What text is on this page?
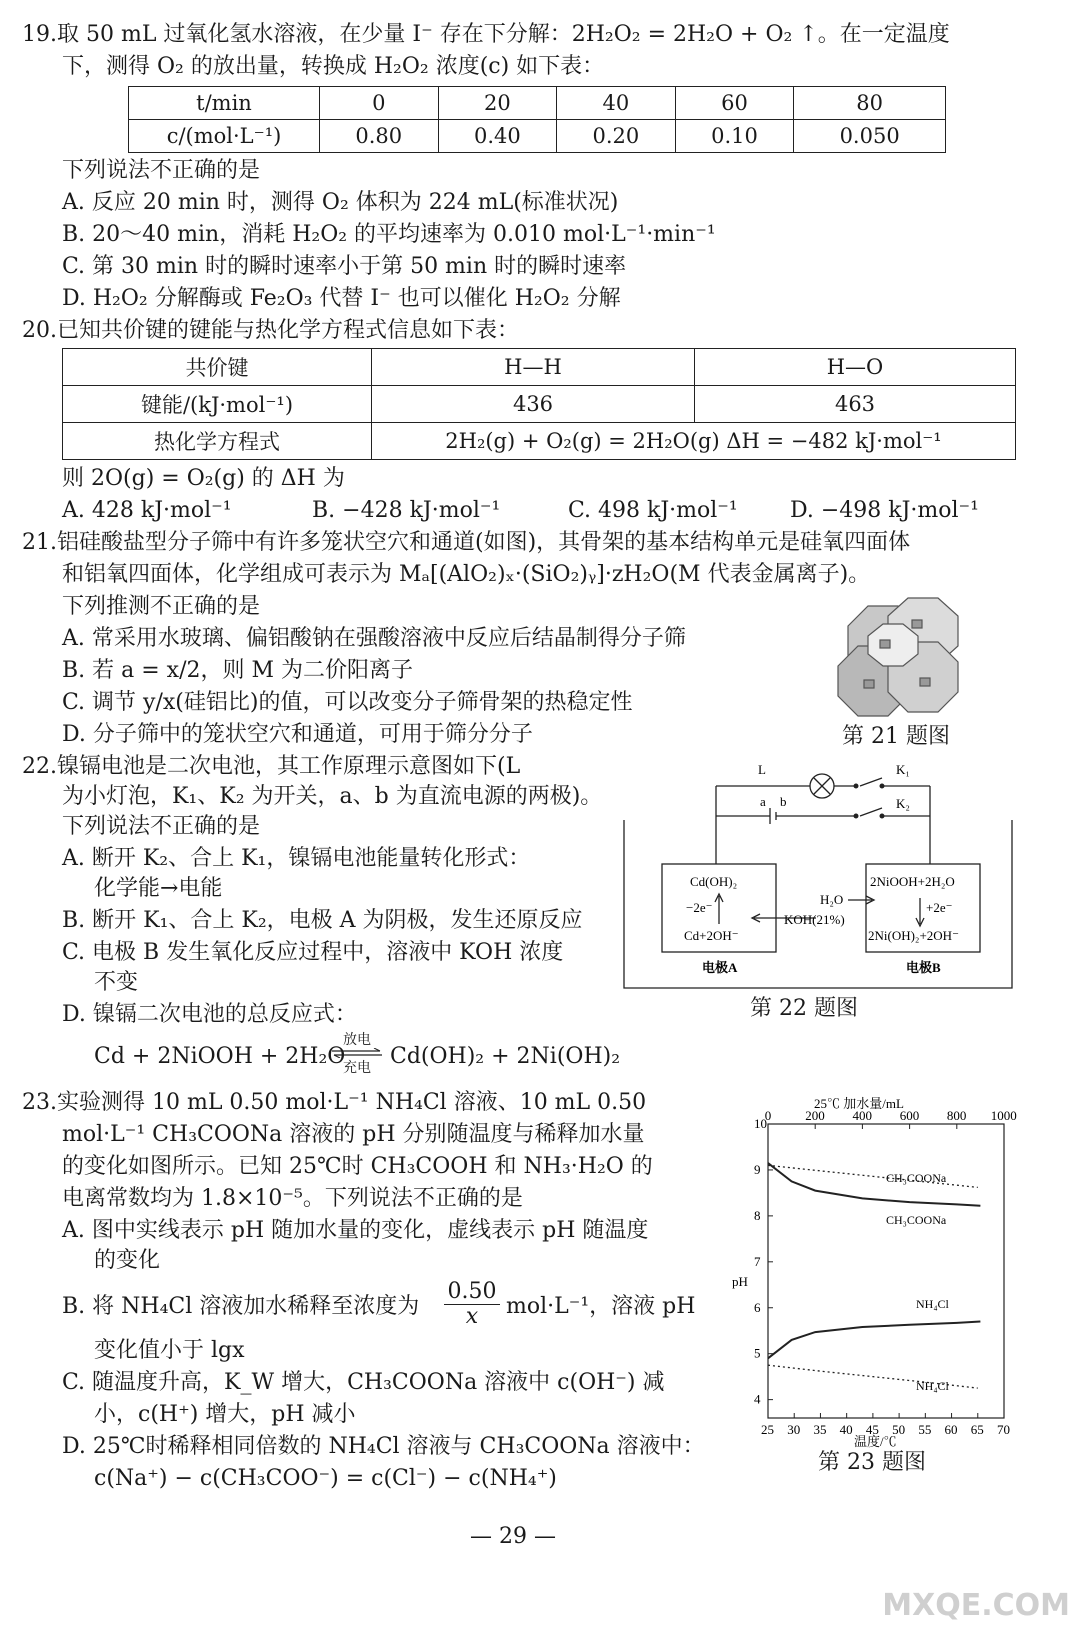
19.取 50 mL 过氧化氢水溶液，在少量 I⁻ 存在下分解：2H₂O₂ = 2H₂O + O₂ ↑。在一定温度
下，测得 O₂ 的放出量，转换成 H₂O₂ 浓度(c) 如下表：
t/min	0	20	40	60	80
c/(mol·L⁻¹)	0.80	0.40	0.20	0.10	0.050
下列说法不正确的是
A. 反应 20 min 时，测得 O₂ 体积为 224 mL(标准状况)
B. 20～40 min，消耗 H₂O₂ 的平均速率为 0.010 mol·L⁻¹·min⁻¹
C. 第 30 min 时的瞬时速率小于第 50 min 时的瞬时速率
D. H₂O₂ 分解酶或 Fe₂O₃ 代替 I⁻ 也可以催化 H₂O₂ 分解
20.已知共价键的键能与热化学方程式信息如下表：
共价键	H—H	H—O
键能/(kJ·mol⁻¹)	436	463
热化学方程式	2H₂(g) + O₂(g) = 2H₂O(g) ΔH = −482 kJ·mol⁻¹	
则 2O(g) = O₂(g) 的 ΔH 为
A. 428 kJ·mol⁻¹	B. −428 kJ·mol⁻¹	C. 498 kJ·mol⁻¹ D. −498 kJ·mol⁻¹
21.铝硅酸盐型分子筛中有许多笼状空穴和通道(如图)，其骨架的基本结构单元是硅氧四面体
和铝氧四面体，化学组成可表示为 Mₐ[(AlO₂)ₓ·(SiO₂)ᵧ]·zH₂O(M 代表金属离子)。
下列推测不正确的是
A. 常采用水玻璃、偏铝酸钠在强酸溶液中反应后结晶制得分子筛
B. 若 a = x/2，则 M 为二价阳离子
C. 调节 y/x(硅铝比)的值，可以改变分子筛骨架的热稳定性
D. 分子筛中的笼状空穴和通道，可用于筛分分子	第 21 题图
22.镍镉电池是二次电池，其工作原理示意图如下(L
为小灯泡，K₁、K₂ 为开关，a、b 为直流电源的两极)。
下列说法不正确的是
A. 断开 K₂、合上 K₁，镍镉电池能量转化形式：
化学能→电能
B. 断开 K₁、合上 K₂，电极 A 为阴极，发生还原反应
C. 电极 B 发生氧化反应过程中，溶液中 KOH 浓度
不变
D. 镍镉二次电池的总反应式：
Cd + 2NiOOH + 2H₂O
放电
充电 Cd(OH)₂ + 2Ni(OH)₂
L	K₁
K₂
a b
Cd(OH)₂
−2e⁻
Cd+2OH⁻
KOH(21%)
H₂O
2NiOOH+2H₂O
+2e⁻
2Ni(OH)₂+2OH⁻
电极A	电极B
第 22 题图
23.实验测得 10 mL 0.50 mol·L⁻¹ NH₄Cl 溶液、10 mL 0.50
mol·L⁻¹ CH₃COONa 溶液的 pH 分别随温度与稀释加水量
的变化如图所示。已知 25℃时 CH₃COOH 和 NH₃·H₂O 的
电离常数均为 1.8×10⁻⁵。下列说法不正确的是
A. 图中实线表示 pH 随加水量的变化，虚线表示 pH 随温度
的变化
B. 将 NH₄Cl 溶液加水稀释至浓度为 $\frac{0.50}{x} mol\cdot L^{-1}$，溶液 pH
变化值小于 lgx
C. 随温度升高，K_W 增大，CH₃COONa 溶液中 c(OH⁻) 减
小，c(H⁺) 增大，pH 减小
D. 25℃时稀释相同倍数的 NH₄Cl 溶液与 CH₃COONa 溶液中：
c(Na⁺) − c(CH₃COO⁻) = c(Cl⁻) − c(NH₄⁺)
25℃ 加水量/mL
pH
温度/℃
4
5
6
7
8
9
10
25 30 35 40 45 50 55 60 65 70
0	200 400 600 800 1000
CH₃COONa
CH₃COONa
NH₄Cl
NH₄Cl
第 23 题图
— 29 —
MXQE.COM
